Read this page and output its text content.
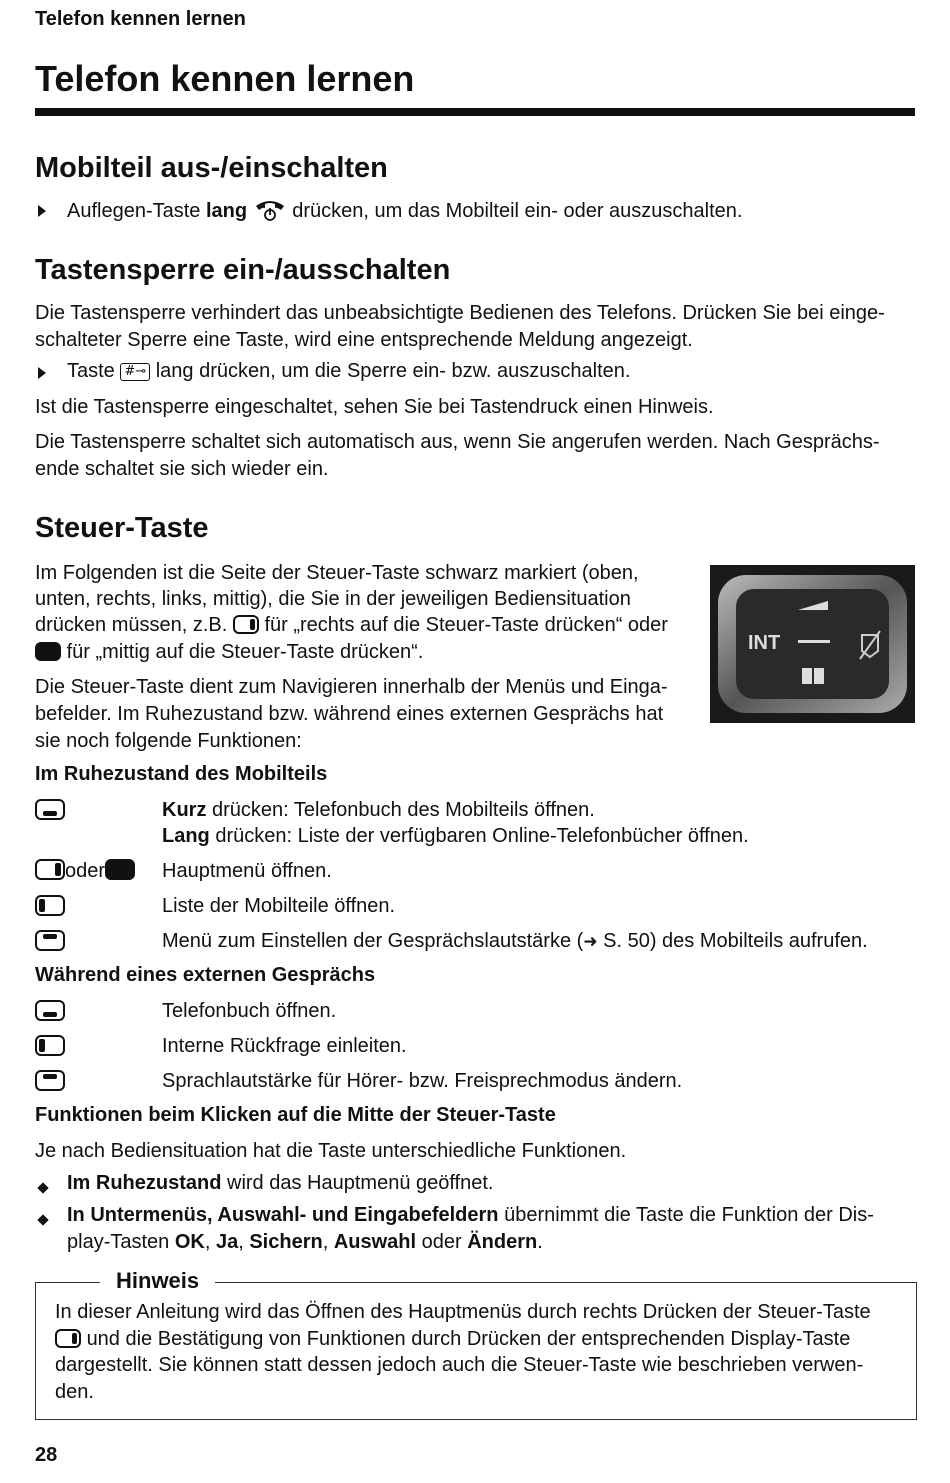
Telefon kennen lernen
Telefon kennen lernen
Mobilteil aus-/einschalten
Auflegen-Taste lang  drücken, um das Mobilteil ein- oder auszuschalten.
Tastensperre ein-/ausschalten
Die Tastensperre verhindert das unbeabsichtigte Bedienen des Telefons. Drücken Sie bei einge-
schalteter Sperre eine Taste, wird eine entsprechende Meldung angezeigt.
Taste #⊸ lang drücken, um die Sperre ein- bzw. auszuschalten.
Ist die Tastensperre eingeschaltet, sehen Sie bei Tastendruck einen Hinweis.
Die Tastensperre schaltet sich automatisch aus, wenn Sie angerufen werden. Nach Gesprächs-
ende schaltet sie sich wieder ein.
Steuer-Taste
Im Folgenden ist die Seite der Steuer-Taste schwarz markiert (oben,
unten, rechts, links, mittig), die Sie in der jeweiligen Bediensituation
drücken müssen, z.B. für „rechts auf die Steuer-Taste drücken“ oder
für „mittig auf die Steuer-Taste drücken“.
Die Steuer-Taste dient zum Navigieren innerhalb der Menüs und Einga-
befelder. Im Ruhezustand bzw. während eines externen Gesprächs hat
sie noch folgende Funktionen:
INT
Im Ruhezustand des Mobilteils
Kurz drücken: Telefonbuch des Mobilteils öffnen.
Lang drücken: Liste der verfügbaren Online-Telefonbücher öffnen.
oder	Hauptmenü öffnen.
Liste der Mobilteile öffnen.
Menü zum Einstellen der Gesprächslautstärke (➜ S. 50) des Mobilteils aufrufen.
Während eines externen Gesprächs
Telefonbuch öffnen.
Interne Rückfrage einleiten.
Sprachlautstärke für Hörer- bzw. Freisprechmodus ändern.
Funktionen beim Klicken auf die Mitte der Steuer-Taste
Je nach Bediensituation hat die Taste unterschiedliche Funktionen.
Im Ruhezustand wird das Hauptmenü geöffnet.
In Untermenüs, Auswahl- und Eingabefeldern übernimmt die Taste die Funktion der Dis-
play-Tasten OK, Ja, Sichern, Auswahl oder Ändern.
Hinweis
In dieser Anleitung wird das Öffnen des Hauptmenüs durch rechts Drücken der Steuer-Taste
und die Bestätigung von Funktionen durch Drücken der entsprechenden Display-Taste
dargestellt. Sie können statt dessen jedoch auch die Steuer-Taste wie beschrieben verwen-
den.
28
